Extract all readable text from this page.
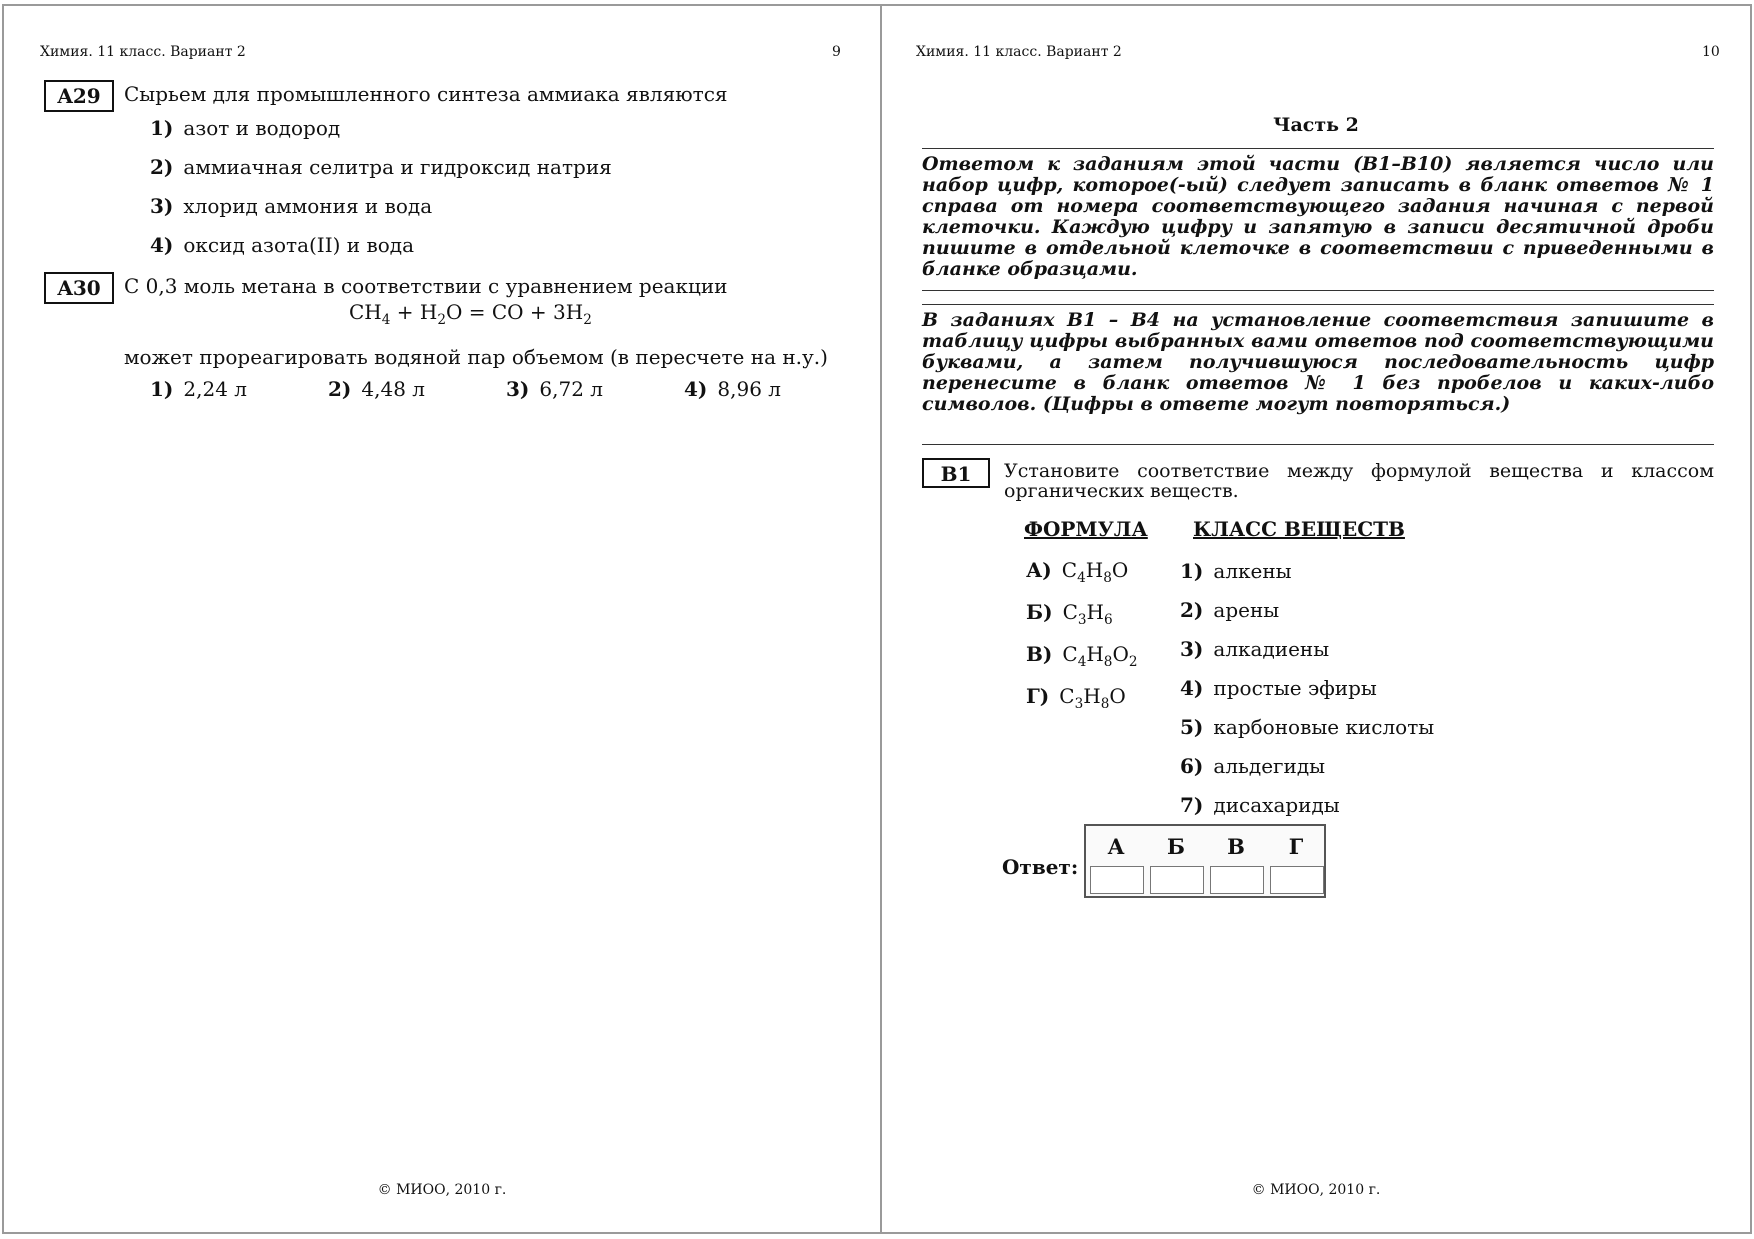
Химия. 11 класс. Вариант 2	9
A29	Сырьем для промышленного синтеза аммиака являются
1) азот и водород
2) аммиачная селитра и гидроксид натрия
3) хлорид аммония и вода
4) оксид азота(II) и вода
A30	С 0,3 моль метана в соответствии с уравнением реакции
$CH_4 + H_2O$ = CO + $3H_2$
может прореагировать водяной пар объемом (в пересчете на н.у.)
1) 2,24 л	2) 4,48 л	3) 6,72 л	4) 8,96 л
© МИОО, 2010 г.
Химия. 11 класс. Вариант 2	10
Часть 2
Ответом к заданиям этой части (В1–В10) является число или набор цифр, которое(-ый) следует записать в бланк ответов № 1 справа от номера соответствующего задания начиная с первой клеточки. Каждую цифру и запятую в записи десятичной дроби пишите в отдельной клеточке в соответствии с приведенными в бланке образцами.
В заданиях В1 – В4 на установление соответствия запишите в таблицу цифры выбранных вами ответов под соответствующими буквами, а затем получившуюся последовательность цифр перенесите в бланк ответов № 1 без пробелов и каких-либо символов. (Цифры в ответе могут повторяться.)
В1	Установите соответствие между формулой вещества и классом органических веществ.
ФОРМУЛА КЛАСС ВЕЩЕСТВ
А) $C_4H_8O$
Б) $C_3H_6$
В) $C_4H_8O_2$
Г) $C_3H_8O$
1) алкены
2) арены
3) алкадиены
4) простые эфиры
5) карбоновые кислоты
6) альдегиды
7) дисахариды
Ответ:
А	Б	В	Г
© МИОО, 2010 г.
